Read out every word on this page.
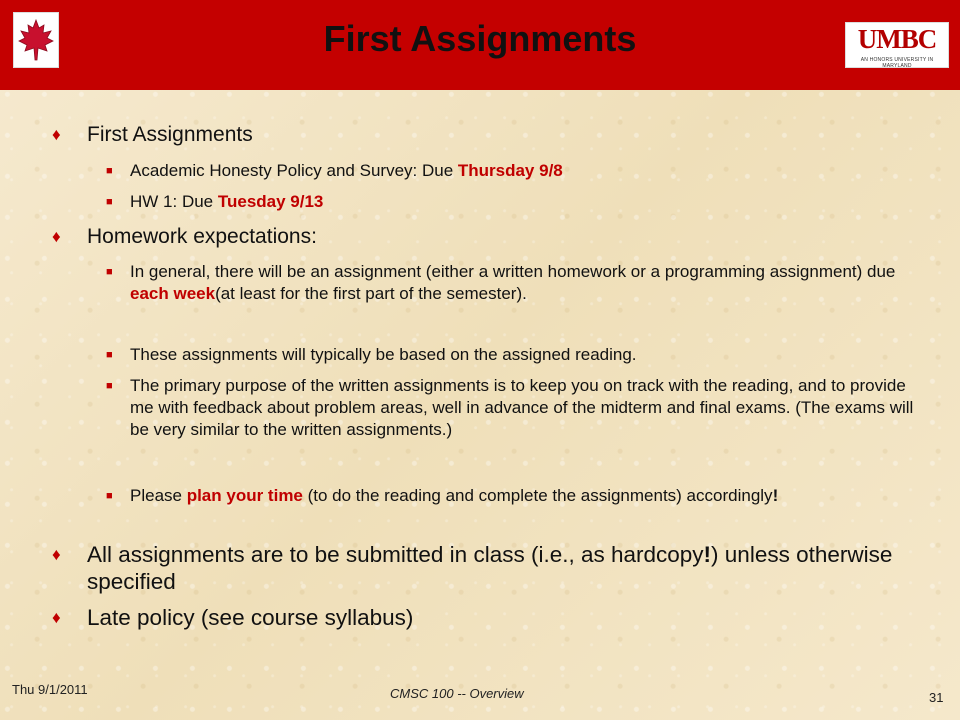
First Assignments	UMBC
AN HONORS UNIVERSITY IN MARYLAND
♦ First Assignments
■ Academic Honesty Policy and Survey: Due Thursday 9/8
■ HW 1: Due Tuesday 9/13
♦ Homework expectations:
■ In general, there will be an assignment (either a written homework or a programming assignment) due each week(at least for the first part of the semester).
■ These assignments will typically be based on the assigned reading.
■ The primary purpose of the written assignments is to keep you on track with the reading, and to provide me with feedback about problem areas, well in advance of the midterm and final exams. (The exams will be very similar to the written assignments.)
■ Please plan your time (to do the reading and complete the assignments) accordingly!
♦ All assignments are to be submitted in class (i.e., as hardcopy!) unless otherwise specified
♦ Late policy (see course syllabus)
Thu 9/1/2011	CMSC 100 -- Overview	31
